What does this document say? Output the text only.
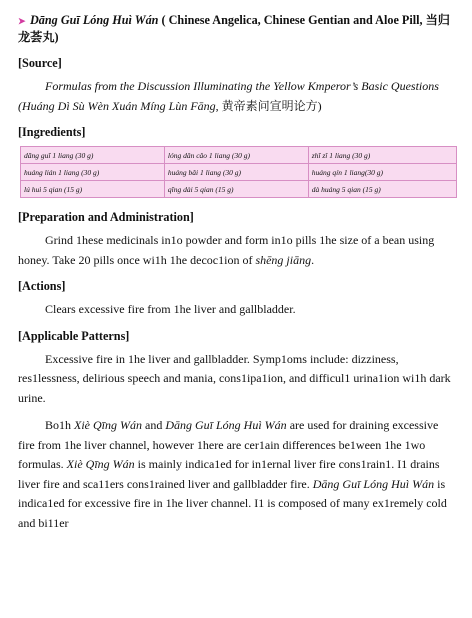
➤ Dāng Guī Lóng Huì Wán ( Chinese Angelica, Chinese Gentian and Aloe Pill, 当归龙荟丸)
[Source]

Formulas from the Discussion Illuminating the Yellow Kmperor’s Basic Questions (Huáng Dì Sù Wèn Xuán Míng Lùn Fāng, 黄帝素问宣明论方)

[Ingredients]
dāng guī 1 liang (30 g)	lóng dǎn cǎo 1 liang (30 g)	zhī zǐ 1 liang (30 g)
huáng lián 1 liang (30 g)	huáng bǎi 1 liang (30 g)	huáng qín 1 liang(30 g)
lú huì 5 qian (15 g)	qīng dài 5 qian (15 g)	dà huáng 5 qian (15 g)
[Preparation and Administration]

Grind 1hese medicinals in1o powder and form in1o pills 1he size of a bean using honey. Take 20 pills once wi1h 1he decoc1ion of shēng jiāng.

[Actions]

Clears excessive fire from 1he liver and gallbladder.

[Applicable Patterns]

Excessive fire in 1he liver and gallbladder. Symp1oms include: dizziness, res1lessness, delirious speech and mania, cons1ipa1ion, and difficul1 urina1ion wi1h dark urine.

Bo1h Xiè Qīng Wán and Dāng Guī Lóng Huì Wán are used for draining excessive fire from 1he liver channel, however 1here are cer1ain differences be1ween 1he 1wo formulas. Xiè Qīng Wán is mainly indica1ed for in1ernal liver fire cons1rain1. I1 drains liver fire and sca11ers cons1rained liver and gallbladder fire. Dāng Guī Lóng Huì Wán is indica1ed for excessive fire in 1he liver channel. I1 is composed of many ex1remely cold and bi11er
